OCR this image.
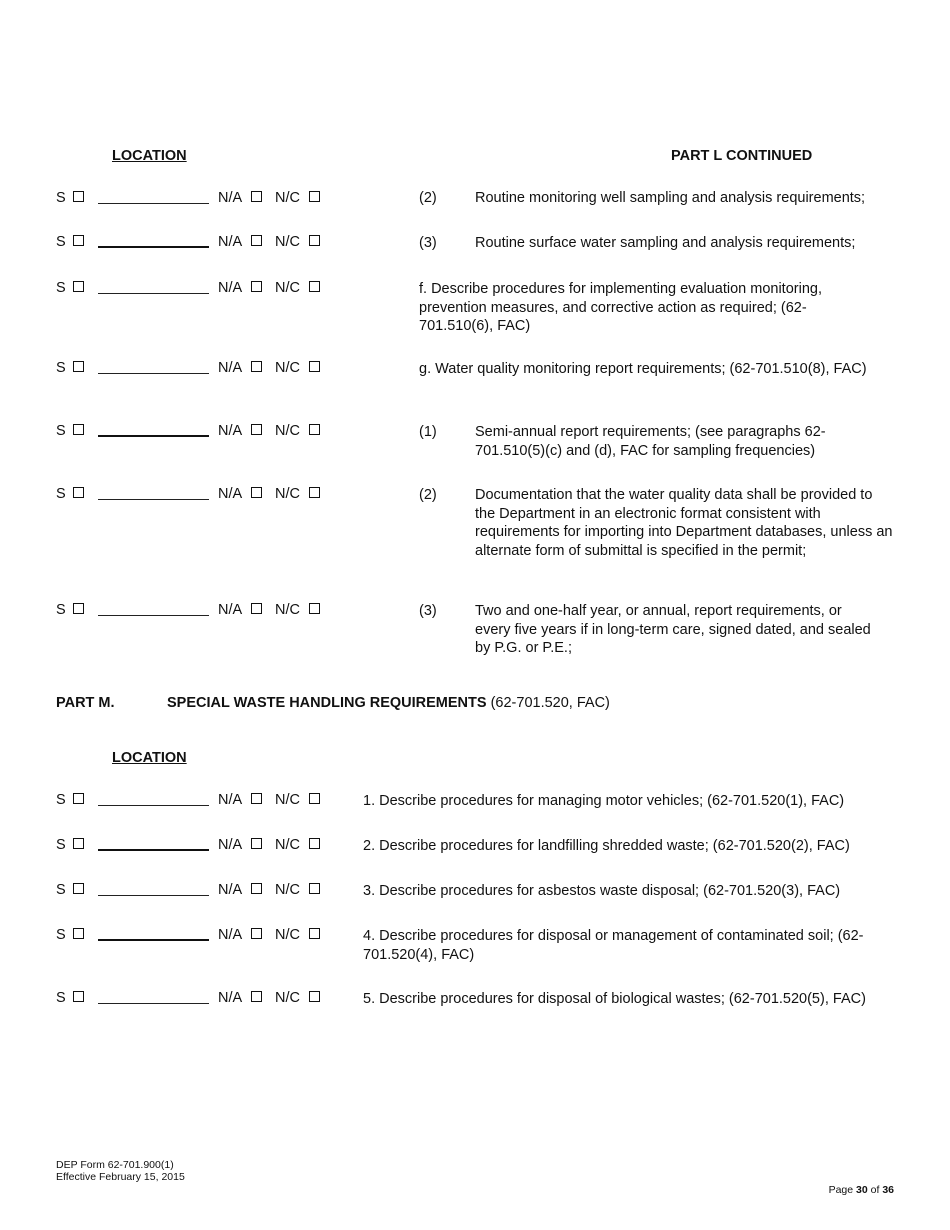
LOCATION	PART L CONTINUED
S	N/A N/C	(2)	Routine monitoring well sampling and analysis requirements;
S	N/A N/C	(3)	Routine surface water sampling and analysis requirements;
S	N/A N/C	f. Describe procedures for implementing evaluation monitoring, prevention measures, and corrective action as required; (62-701.510(6), FAC)
S	N/A N/C	g. Water quality monitoring report requirements; (62-701.510(8), FAC)
S	N/A N/C	(1)	Semi-annual report requirements; (see paragraphs 62-701.510(5)(c) and (d), FAC for sampling frequencies)
S	N/A N/C	(2)	Documentation that the water quality data shall be provided to the Department in an electronic format consistent with requirements for importing into Department databases, unless an alternate form of submittal is specified in the permit;
S	N/A N/C	(3)	Two and one-half year, or annual, report requirements, or every five years if in long-term care, signed dated, and sealed by P.G. or P.E.;
PART M.	SPECIAL WASTE HANDLING REQUIREMENTS (62-701.520, FAC)
LOCATION
S	N/A N/C	1. Describe procedures for managing motor vehicles; (62-701.520(1), FAC)
S	N/A N/C	2. Describe procedures for landfilling shredded waste; (62-701.520(2), FAC)
S	N/A N/C	3. Describe procedures for asbestos waste disposal; (62-701.520(3), FAC)
S	N/A N/C	4. Describe procedures for disposal or management of contaminated soil; (62-701.520(4), FAC)
S	N/A N/C	5. Describe procedures for disposal of biological wastes; (62-701.520(5), FAC)
DEP Form 62-701.900(1)
Effective February 15, 2015
Page 30 of 36
